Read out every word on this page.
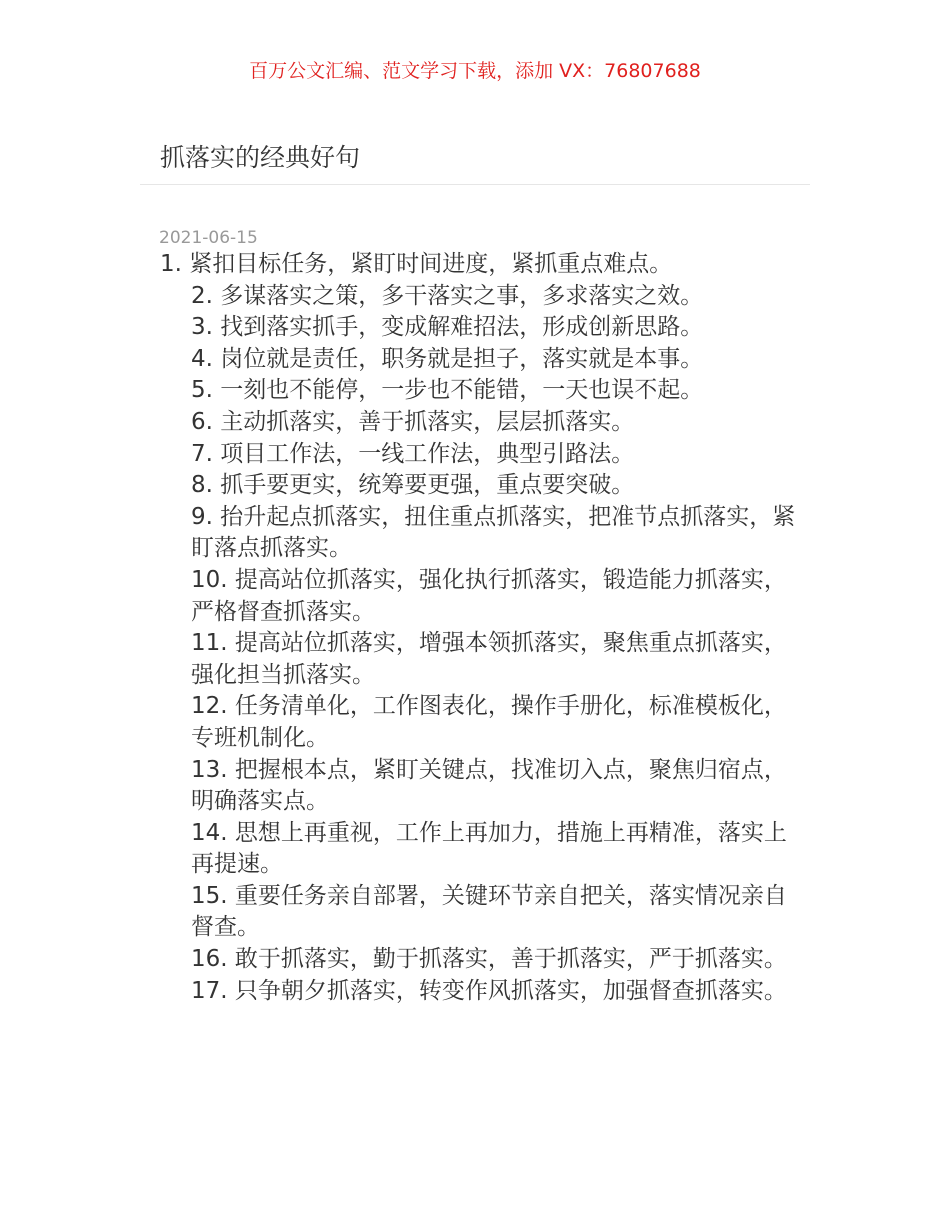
百万公文汇编、范文学习下载，添加 VX：76807688
抓落实的经典好句
2021-06-15
1. 紧扣目标任务，紧盯时间进度，紧抓重点难点。
2. 多谋落实之策，多干落实之事，多求落实之效。
3. 找到落实抓手，变成解难招法，形成创新思路。
4. 岗位就是责任，职务就是担子，落实就是本事。
5. 一刻也不能停，一步也不能错，一天也误不起。
6. 主动抓落实，善于抓落实，层层抓落实。
7. 项目工作法，一线工作法，典型引路法。
8. 抓手要更实，统筹要更强，重点要突破。
9. 抬升起点抓落实，扭住重点抓落实，把准节点抓落实，紧盯落点抓落实。
10. 提高站位抓落实，强化执行抓落实，锻造能力抓落实，严格督查抓落实。
11. 提高站位抓落实，增强本领抓落实，聚焦重点抓落实，强化担当抓落实。
12. 任务清单化，工作图表化，操作手册化，标准模板化，专班机制化。
13. 把握根本点，紧盯关键点，找准切入点，聚焦归宿点，明确落实点。
14. 思想上再重视，工作上再加力，措施上再精准，落实上再提速。
15. 重要任务亲自部署，关键环节亲自把关，落实情况亲自督查。
16. 敢于抓落实，勤于抓落实，善于抓落实，严于抓落实。
17. 只争朝夕抓落实，转变作风抓落实，加强督查抓落实。
